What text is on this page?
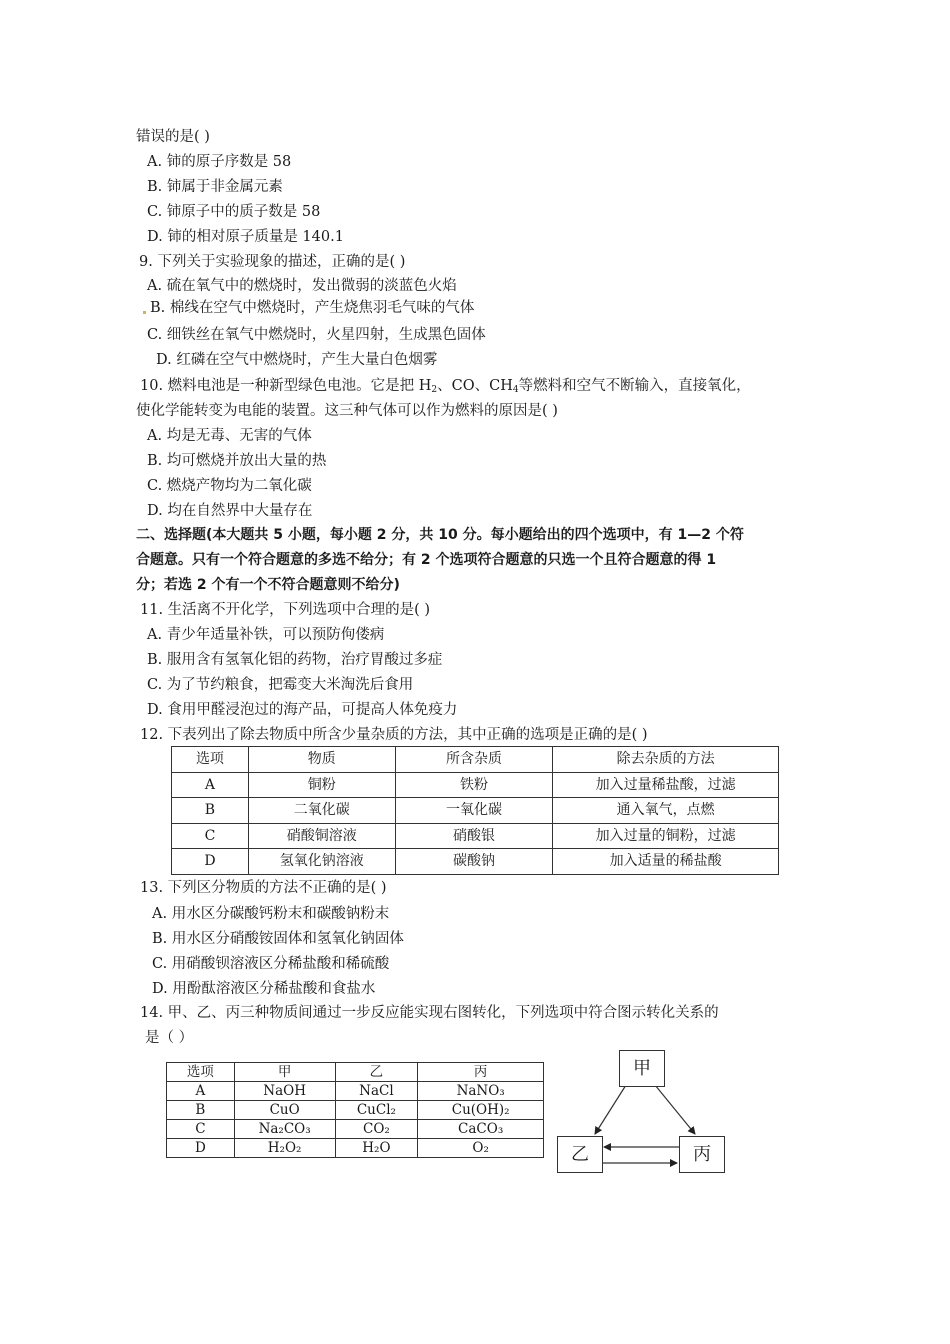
错误的是( )
A. 铈的原子序数是 58
B. 铈属于非金属元素
C. 铈原子中的质子数是 58
D. 铈的相对原子质量是 140.1
9. 下列关于实验现象的描述，正确的是( )
A. 硫在氧气中的燃烧时，发出微弱的淡蓝色火焰
B. 棉线在空气中燃烧时，产生烧焦羽毛气味的气体
C. 细铁丝在氧气中燃烧时，火星四射，生成黑色固体
D. 红磷在空气中燃烧时，产生大量白色烟雾
10. 燃料电池是一种新型绿色电池。它是把 $H_2$、CO、$CH_4$等燃料和空气不断输入，直接氧化，
使化学能转变为电能的装置。这三种气体可以作为燃料的原因是( )
A. 均是无毒、无害的气体
B. 均可燃烧并放出大量的热
C. 燃烧产物均为二氧化碳
D. 均在自然界中大量存在
二、选择题(本大题共 5 小题，每小题 2 分，共 10 分。每小题给出的四个选项中，有 1—2 个符
合题意。只有一个符合题意的多选不给分；有 2 个选项符合题意的只选一个且符合题意的得 1
分；若选 2 个有一个不符合题意则不给分)
11. 生活离不开化学，下列选项中合理的是( )
A. 青少年适量补铁，可以预防佝偻病
B. 服用含有氢氧化铝的药物，治疗胃酸过多症
C. 为了节约粮食，把霉变大米淘洗后食用
D. 食用甲醛浸泡过的海产品，可提高人体免疫力
12. 下表列出了除去物质中所含少量杂质的方法，其中正确的选项是正确的是( )
选项	物质	所含杂质	除去杂质的方法
A	铜粉	铁粉	加入过量稀盐酸，过滤
B	二氧化碳	一氧化碳	通入氧气，点燃
C	硝酸铜溶液	硝酸银	加入过量的铜粉，过滤
D	氢氧化钠溶液	碳酸钠	加入适量的稀盐酸
13. 下列区分物质的方法不正确的是( )
A. 用水区分碳酸钙粉末和碳酸钠粉末
B. 用水区分硝酸铵固体和氢氧化钠固体
C. 用硝酸钡溶液区分稀盐酸和稀硫酸
D. 用酚酞溶液区分稀盐酸和食盐水
14. 甲、乙、丙三种物质间通过一步反应能实现右图转化，下列选项中符合图示转化关系的
是（ ）
选项	甲	乙	丙
A	NaOH	NaCl	NaNO₃
B	CuO	CuCl₂	Cu(OH)₂
C	Na₂CO₃	CO₂	CaCO₃
D	H₂O₂	H₂O	O₂
甲
乙	丙
